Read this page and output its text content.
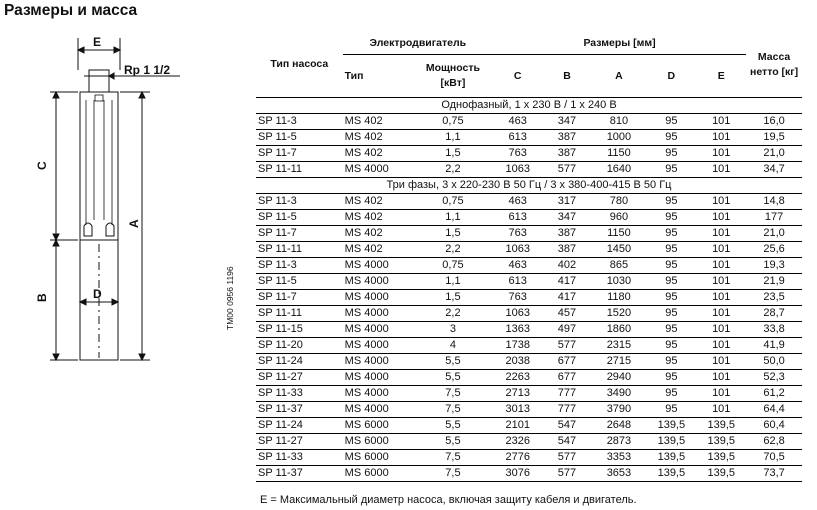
Размеры и масса
E
Rp 1 1/2
C
B
A
D	TM00 0956 1196
Тип насоса	Электродвигатель		Размеры [мм]					Масса нетто [кг]
	Тип	Мощность [кВт]	C	B	A	D	E	
Однофазный, 1 x 230 В / 1 x 240 В								
SP 11-3	MS 402	0,75	463	347	810	95	101	16,0
SP 11-5	MS 402	1,1	613	387	1000	95	101	19,5
SP 11-7	MS 402	1,5	763	387	1150	95	101	21,0
SP 11-11	MS 4000	2,2	1063	577	1640	95	101	34,7
Три фазы, 3 x 220-230 В 50 Гц / 3 x 380-400-415 В 50 Гц								
SP 11-3	MS 402	0,75	463	317	780	95	101	14,8
SP 11-5	MS 402	1,1	613	347	960	95	101	177
SP 11-7	MS 402	1,5	763	387	1150	95	101	21,0
SP 11-11	MS 402	2,2	1063	387	1450	95	101	25,6
SP 11-3	MS 4000	0,75	463	402	865	95	101	19,3
SP 11-5	MS 4000	1,1	613	417	1030	95	101	21,9
SP 11-7	MS 4000	1,5	763	417	1180	95	101	23,5
SP 11-11	MS 4000	2,2	1063	457	1520	95	101	28,7
SP 11-15	MS 4000	3	1363	497	1860	95	101	33,8
SP 11-20	MS 4000	4	1738	577	2315	95	101	41,9
SP 11-24	MS 4000	5,5	2038	677	2715	95	101	50,0
SP 11-27	MS 4000	5,5	2263	677	2940	95	101	52,3
SP 11-33	MS 4000	7,5	2713	777	3490	95	101	61,2
SP 11-37	MS 4000	7,5	3013	777	3790	95	101	64,4
SP 11-24	MS 6000	5,5	2101	547	2648	139,5	139,5	60,4
SP 11-27	MS 6000	5,5	2326	547	2873	139,5	139,5	62,8
SP 11-33	MS 6000	7,5	2776	577	3353	139,5	139,5	70,5
SP 11-37	MS 6000	7,5	3076	577	3653	139,5	139,5	73,7
E = Максимальный диаметр насоса, включая защиту кабеля и двигатель.
